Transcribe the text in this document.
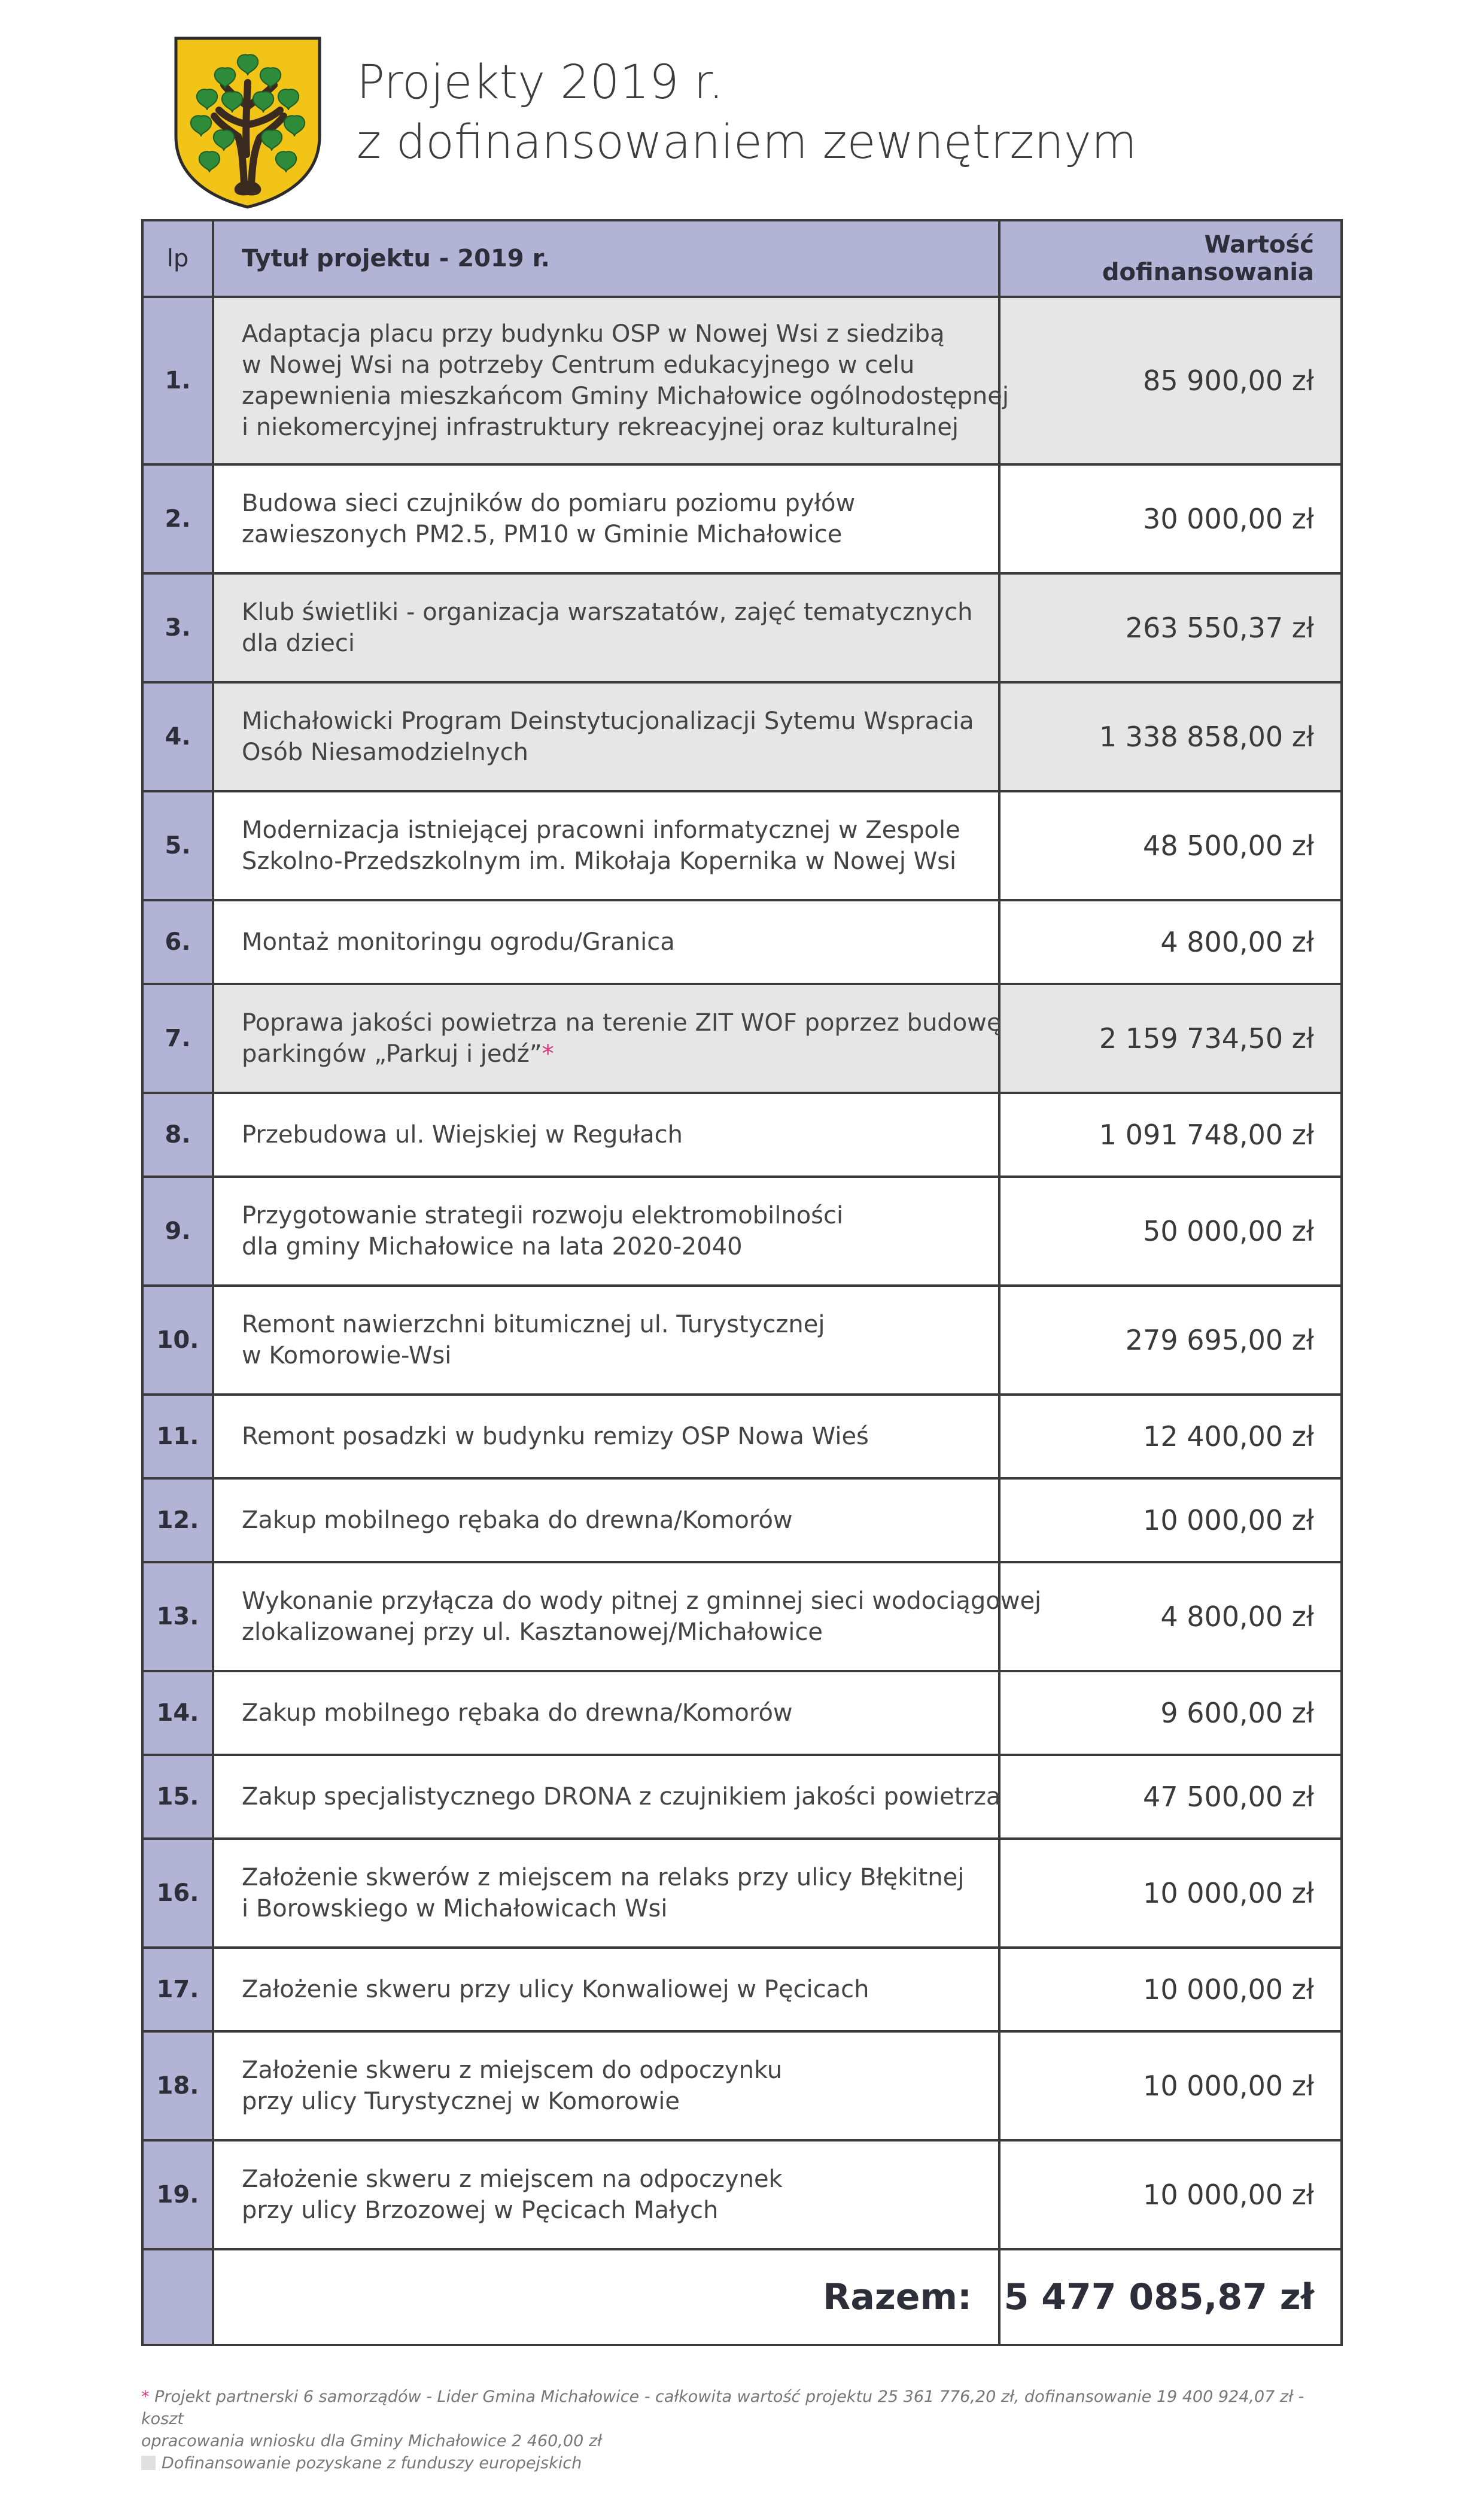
Projekty 2019 r.
z dofinansowaniem zewnętrznym
lp	Tytuł projektu - 2019 r.	Wartość dofinansowania
1.	Adaptacja placu przy budynku OSP w Nowej Wsi z siedzibą
w Nowej Wsi na potrzeby Centrum edukacyjnego w celu
zapewnienia mieszkańcom Gminy Michałowice ogólnodostępnej
i niekomercyjnej infrastruktury rekreacyjnej oraz kulturalnej	85 900,00 zł
2.	Budowa sieci czujników do pomiaru poziomu pyłów
zawieszonych PM2.5, PM10 w Gminie Michałowice	30 000,00 zł
3.	Klub świetliki - organizacja warszatatów, zajęć tematycznych
dla dzieci	263 550,37 zł
4.	Michałowicki Program Deinstytucjonalizacji Sytemu Wspracia
Osób Niesamodzielnych	1 338 858,00 zł
5.	Modernizacja istniejącej pracowni informatycznej w Zespole
Szkolno-Przedszkolnym im. Mikołaja Kopernika w Nowej Wsi	48 500,00 zł
6.	Montaż monitoringu ogrodu/Granica	4 800,00 zł
7.	Poprawa jakości powietrza na terenie ZIT WOF poprzez budowę
parkingów „Parkuj i jedź”*	2 159 734,50 zł
8.	Przebudowa ul. Wiejskiej w Regułach	1 091 748,00 zł
9.	Przygotowanie strategii rozwoju elektromobilności
dla gminy Michałowice na lata 2020-2040	50 000,00 zł
10.	Remont nawierzchni bitumicznej ul. Turystycznej
w Komorowie-Wsi	279 695,00 zł
11.	Remont posadzki w budynku remizy OSP Nowa Wieś	12 400,00 zł
12.	Zakup mobilnego rębaka do drewna/Komorów	10 000,00 zł
13.	Wykonanie przyłącza do wody pitnej z gminnej sieci wodociągowej
zlokalizowanej przy ul. Kasztanowej/Michałowice	4 800,00 zł
14.	Zakup mobilnego rębaka do drewna/Komorów	9 600,00 zł
15.	Zakup specjalistycznego DRONA z czujnikiem jakości powietrza	47 500,00 zł
16.	Założenie skwerów z miejscem na relaks przy ulicy Błękitnej
i Borowskiego w Michałowicach Wsi	10 000,00 zł
17.	Założenie skweru przy ulicy Konwaliowej w Pęcicach	10 000,00 zł
18.	Założenie skweru z miejscem do odpoczynku
przy ulicy Turystycznej w Komorowie	10 000,00 zł
19.	Założenie skweru z miejscem na odpoczynek
przy ulicy Brzozowej w Pęcicach Małych	10 000,00 zł
	Razem:	5 477 085,87 zł
* Projekt partnerski 6 samorządów - Lider Gmina Michałowice - całkowita wartość projektu 25 361 776,20 zł, dofinansowanie 19 400 924,07 zł - koszt
opracowania wniosku dla Gminy Michałowice 2 460,00 zł
Dofinansowanie pozyskane z funduszy europejskich
